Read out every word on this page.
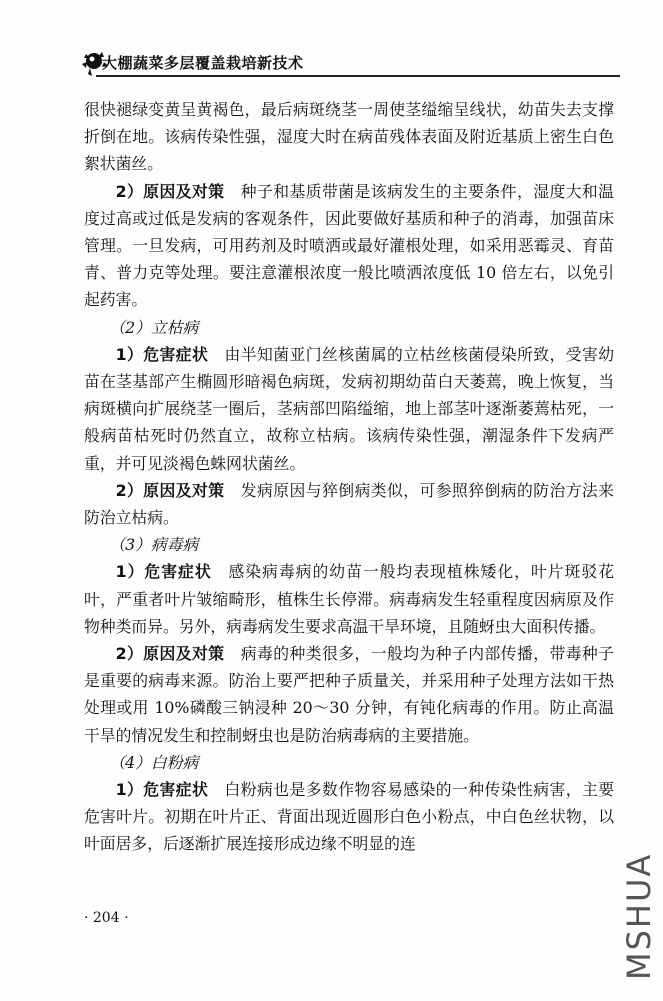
大棚蔬菜多层覆盖栽培新技术

很快褪绿变黄呈黄褐色，最后病斑绕茎一周使茎缢缩呈线状，幼苗失去支撑折倒在地。该病传染性强，湿度大时在病苗残体表面及附近基质上密生白色絮状菌丝。

2）原因及对策　种子和基质带菌是该病发生的主要条件，湿度大和温度过高或过低是发病的客观条件，因此要做好基质和种子的消毒，加强苗床管理。一旦发病，可用药剂及时喷洒或最好灌根处理，如采用恶霉灵、育苗青、普力克等处理。要注意灌根浓度一般比喷洒浓度低 10 倍左右，以免引起药害。

（2）立枯病

1）危害症状　由半知菌亚门丝核菌属的立枯丝核菌侵染所致，受害幼苗在茎基部产生椭圆形暗褐色病斑，发病初期幼苗白天萎蔫，晚上恢复，当病斑横向扩展绕茎一圈后，茎病部凹陷缢缩，地上部茎叶逐渐萎蔫枯死，一般病苗枯死时仍然直立，故称立枯病。该病传染性强，潮湿条件下发病严重，并可见淡褐色蛛网状菌丝。

2）原因及对策　发病原因与猝倒病类似，可参照猝倒病的防治方法来防治立枯病。

（3）病毒病

1）危害症状　感染病毒病的幼苗一般均表现植株矮化，叶片斑驳花叶，严重者叶片皱缩畸形，植株生长停滞。病毒病发生轻重程度因病原及作物种类而异。另外，病毒病发生要求高温干旱环境，且随蚜虫大面积传播。

2）原因及对策　病毒的种类很多，一般均为种子内部传播，带毒种子是重要的病毒来源。防治上要严把种子质量关，并采用种子处理方法如干热处理或用 10%磷酸三钠浸种 20～30 分钟，有钝化病毒的作用。防止高温干旱的情况发生和控制蚜虫也是防治病毒病的主要措施。

（4）白粉病

1）危害症状　白粉病也是多数作物容易感染的一种传染性病害，主要危害叶片。初期在叶片正、背面出现近圆形白色小粉点，中白色丝状物，以叶面居多，后逐渐扩展连接形成边缘不明显的连

· 204 ·	MSHUA
